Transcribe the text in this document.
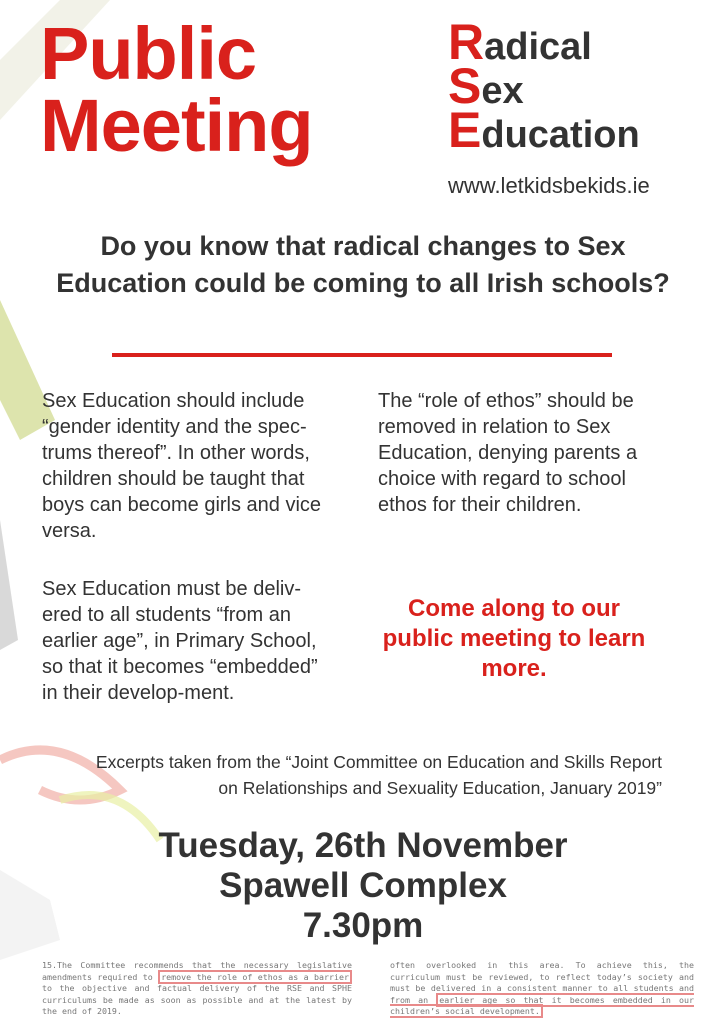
Public
Meeting
Radical
Sex
Education
www.letkidsbekids.ie
Do you know that radical changes to Sex Education could be coming to all Irish schools?
Sex Education should include “gender identity and the spec-trums thereof”. In other words, children should be taught that boys can become girls and vice versa.
The “role of ethos” should be removed in relation to Sex Education, denying parents a choice with regard to school ethos for their children.
Sex Education must be deliv-ered to all students “from an earlier age”, in Primary School, so that it becomes “embedded” in their develop-ment.
Come along to our public meeting to learn more.
Excerpts taken from the “Joint Committee on Education and Skills Report
on Relationships and Sexuality Education, January 2019”
Tuesday, 26th November
Spawell Complex
7.30pm
15.The Committee recommends that the necessary legislative amendments required to remove the role of ethos as a barrier to the objective and factual delivery of the RSE and SPHE curriculums be made as soon as possible and at the latest by the end of 2019.
often overlooked in this area. To achieve this, the curriculum must be reviewed, to reflect today’s society and must be delivered in a consistent manner to all students and from an earlier age so that it becomes embedded in our children’s social development.
